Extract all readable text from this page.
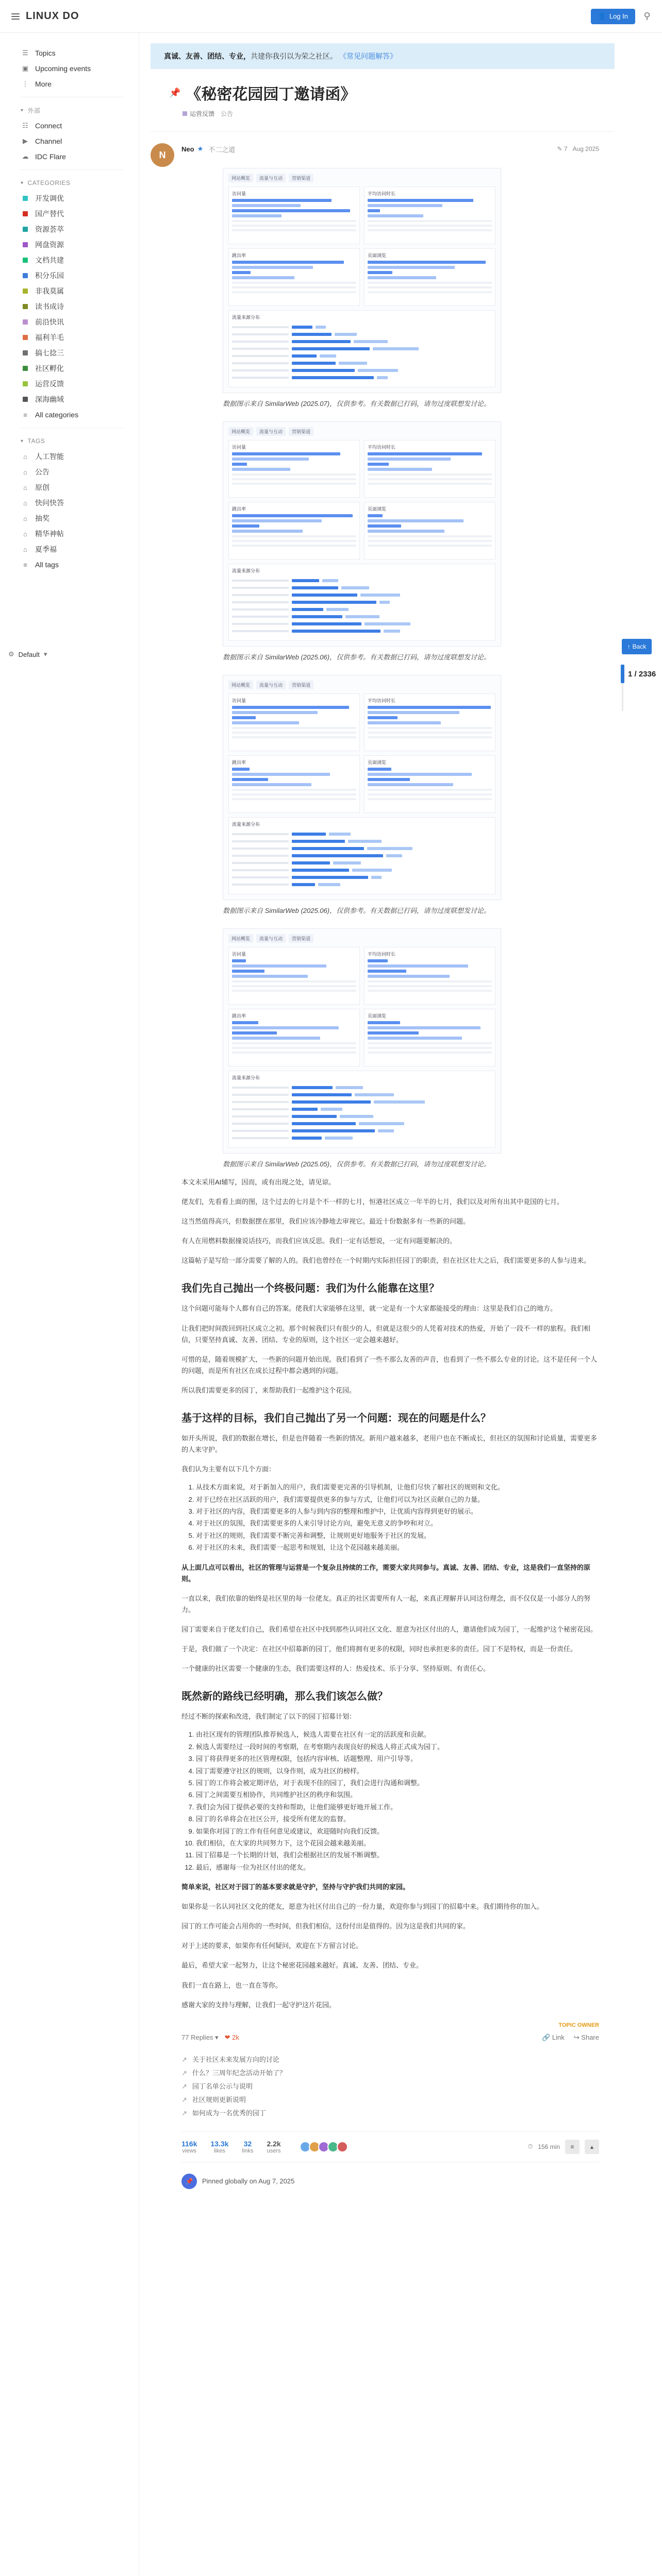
LINUX DO	👤 Log In ⚲
☰ Topics
▣ Upcoming events
⋮ More
▾ 外部
☷ Connect
▶ Channel
☁ IDC Flare
▾ CATEGORIES
开发调优
国产替代
资源荟萃
网盘资源
文档共建
积分乐园
非我莫属
读书成诗
前沿快讯
福利羊毛
搞七捻三
社区孵化
运营反馈
深海幽域
≡	All categories
▾ TAGS
⌂	人工智能
⌂	公告
⌂	原创
⌂	快问快答
⌂	抽奖
⌂	精华神帖
⌂	夏季福
≡	All tags
⚙ Default ▾
真诚、友善、团结、专业， 共建你我引以为荣之社区。 《常见问题解答》
📌 《秘密花园园丁邀请函》
运营反馈 公告
N
Neo ★ 不二之道	✎ 7 Aug 2025
网站概览	流量与互动	营销渠道
访问量	平均访问时长
跳出率	页面浏览
流量来源分布
数据图示来自 SimilarWeb (2025.07)，仅供参考。有关数据已打码，请勿过度联想发讨论。
网站概览	流量与互动	营销渠道
访问量	平均访问时长
跳出率	页面浏览
流量来源分布
数据图示来自 SimilarWeb (2025.06)，仅供参考。有关数据已打码，请勿过度联想发讨论。
网站概览	流量与互动	营销渠道
访问量	平均访问时长
跳出率	页面浏览
流量来源分布
数据图示来自 SimilarWeb (2025.06)，仅供参考。有关数据已打码，请勿过度联想发讨论。
网站概览	流量与互动	营销渠道
访问量	平均访问时长
跳出率	页面浏览
流量来源分布
数据图示来自 SimilarWeb (2025.05)，仅供参考。有关数据已打码，请勿过度联想发讨论。
本文未采用AI辅写，因而，或有出现之处，请见谅。
佬友们，先看看上面的图，这个过去的七月是个不一样的七月，恒港社区成立一年半的七月，我们以及对所有出其中竟国的七月。
这当然值得高兴，但数据摆在那里，我们应该冷静地去审视它。最近十份数据多有一些新的问题。
有人在用燃料数据撞说话技巧，而我们应该反思。我们一定有话想说，一定有问题要解决的。
这篇帖子是写给一部分需要了解的人的。我们也曾经在一个时期内实际担任园丁的职责，但在社区壮大之后，我们需要更多的人参与进来。
我们先自己抛出一个终极问题：我们为什么能靠在这里？
这个问题可能每个人都有自己的答案。佬我们大家能够在这里，就一定是有一个大家都能接受的理由：这里是我们自己的地方。
让我们把时间拨回到社区成立之初。那个时候我们只有很少的人，但就是这很少的人凭着对技术的热爱，开始了一段不一样的旅程。我们相信，只要坚持真诚、友善、团结、专业的原则，这个社区一定会越来越好。
可惜的是，随着规模扩大，一些新的问题开始出现。我们看到了一些不那么友善的声音，也看到了一些不那么专业的讨论。这不是任何一个人的问题，而是所有社区在成长过程中都会遇到的问题。
所以我们需要更多的园丁，来帮助我们一起维护这个花园。
基于这样的目标，我们自己抛出了另一个问题：现在的问题是什么？
如开头所说，我们的数据在增长，但是也伴随着一些新的情况。新用户越来越多，老用户也在不断成长，但社区的氛围和讨论质量，需要更多的人来守护。
我们认为主要有以下几个方面：
1. 从技术方面来说，对于新加入的用户，我们需要更完善的引导机制，让他们尽快了解社区的规则和文化。
2. 对于已经在社区活跃的用户，我们需要提供更多的参与方式，让他们可以为社区贡献自己的力量。
3. 对于社区的内容，我们需要更多的人参与到内容的整理和维护中，让优质内容得到更好的展示。
4. 对于社区的氛围，我们需要更多的人来引导讨论方向，避免无意义的争吵和对立。
5. 对于社区的规则，我们需要不断完善和调整，让规则更好地服务于社区的发展。
6. 对于社区的未来，我们需要一起思考和规划，让这个花园越来越美丽。
从上面几点可以看出，社区的管理与运营是一个复杂且持续的工作，需要大家共同参与。真诚、友善、团结、专业，这是我们一直坚持的原则。
一直以来，我们依靠的始终是社区里的每一位佬友。真正的社区需要所有人一起，来真正理解并认同这份理念，而不仅仅是一小部分人的努力。
园丁需要来自于佬友们自己，我们希望在社区中找到那些认同社区文化、愿意为社区付出的人，邀请他们成为园丁，一起维护这个秘密花园。
于是，我们做了一个决定：在社区中招募新的园丁，他们将拥有更多的权限，同时也承担更多的责任。园丁不是特权，而是一份责任。
一个健康的社区需要一个健康的生态，我们需要这样的人：热爱技术、乐于分享、坚持原则、有责任心。
既然新的路线已经明确，那么我们该怎么做？
经过不断的探索和改进，我们制定了以下的园丁招募计划：
1. 由社区现有的管理团队推荐候选人，候选人需要在社区有一定的活跃度和贡献。
2. 候选人需要经过一段时间的考察期，在考察期内表现良好的候选人将正式成为园丁。
3. 园丁将获得更多的社区管理权限，包括内容审核、话题整理、用户引导等。
4. 园丁需要遵守社区的规则，以身作则，成为社区的榜样。
5. 园丁的工作将会被定期评估，对于表现不佳的园丁，我们会进行沟通和调整。
6. 园丁之间需要互相协作，共同维护社区的秩序和氛围。
7. 我们会为园丁提供必要的支持和帮助，让他们能够更好地开展工作。
8. 园丁的名单将会在社区公开，接受所有佬友的监督。
9. 如果你对园丁的工作有任何意见或建议，欢迎随时向我们反馈。
10. 我们相信，在大家的共同努力下，这个花园会越来越美丽。
11. 园丁招募是一个长期的计划，我们会根据社区的发展不断调整。
12. 最后，感谢每一位为社区付出的佬友。
简单来说，社区对于园丁的基本要求就是守护，坚持与守护我们共同的家园。
如果你是一名认同社区文化的佬友，愿意为社区付出自己的一份力量，欢迎你参与到园丁的招募中来。我们期待你的加入。
园丁的工作可能会占用你的一些时间，但我们相信，这份付出是值得的。因为这是我们共同的家。
对于上述的要求，如果你有任何疑问，欢迎在下方留言讨论。
最后，希望大家一起努力，让这个秘密花园越来越好。真诚、友善、团结、专业。
我们一直在路上，也一直在等你。
感谢大家的支持与理解，让我们一起守护这片花园。
TOPIC OWNER
77 Replies ▾ ❤ 2k	🔗 Link ↪ Share
↗ 关于社区未来发展方向的讨论
↗ 什么？三周年纪念活动开始了？
↗ 园丁名单公示与说明
↗ 社区规则更新说明
↗ 如何成为一名优秀的园丁
116k
views
13.3k
likes
32
links
2.2k
users
⏱ 156 min	≡	▴
📌	Pinned globally on Aug 7, 2025
↑ Back
1 / 2336
